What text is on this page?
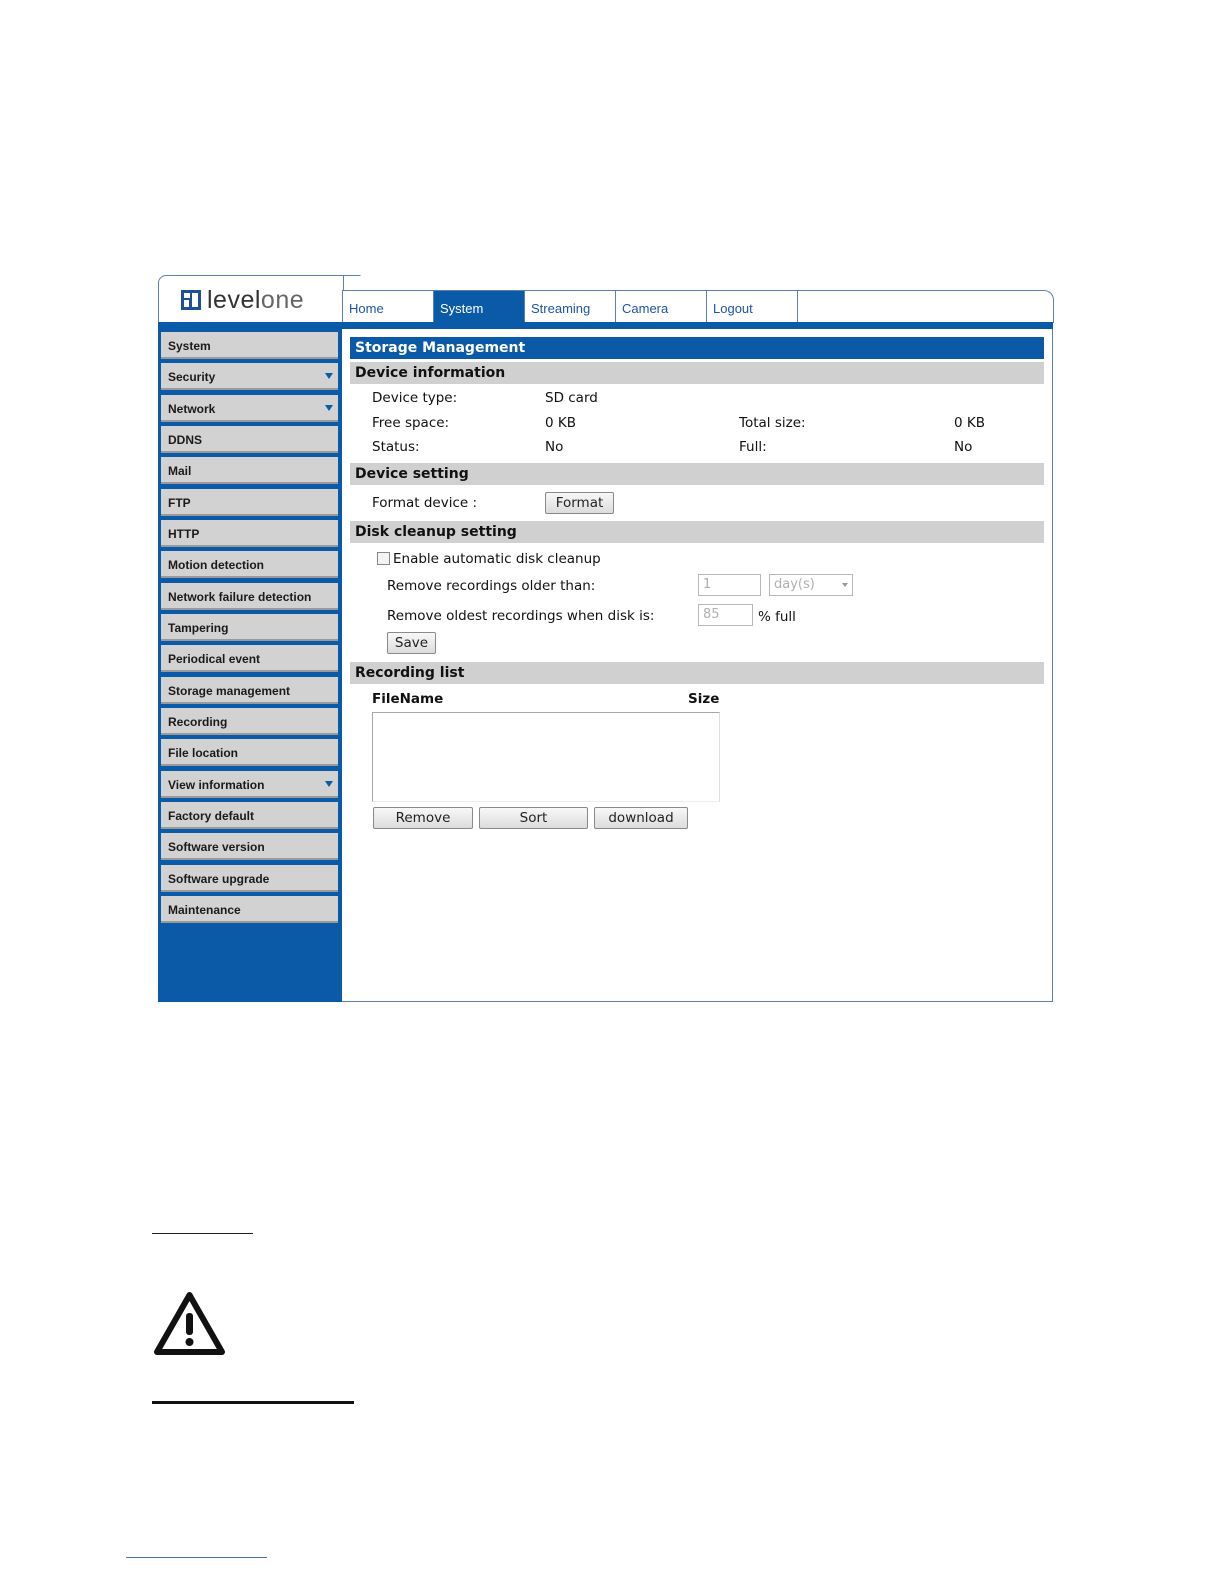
levelone	Home	System	Streaming	Camera	Logout
System
Security
Network
DDNS
Mail
FTP
HTTP
Motion detection
Network failure detection
Tampering
Periodical event
Storage management
Recording
File location
View information
Factory default
Software version
Software upgrade
Maintenance
Storage Management
Device information
Device type:	SD card
Free space:	0 KB	Total size:	0 KB
Status:	No	Full:	No
Device setting
Format device :	Format
Disk cleanup setting
Enable automatic disk cleanup
Remove recordings older than:	1	day(s)
Remove oldest recordings when disk is:	85	% full
Save
Recording list
FileName	Size
Remove	Sort	download
